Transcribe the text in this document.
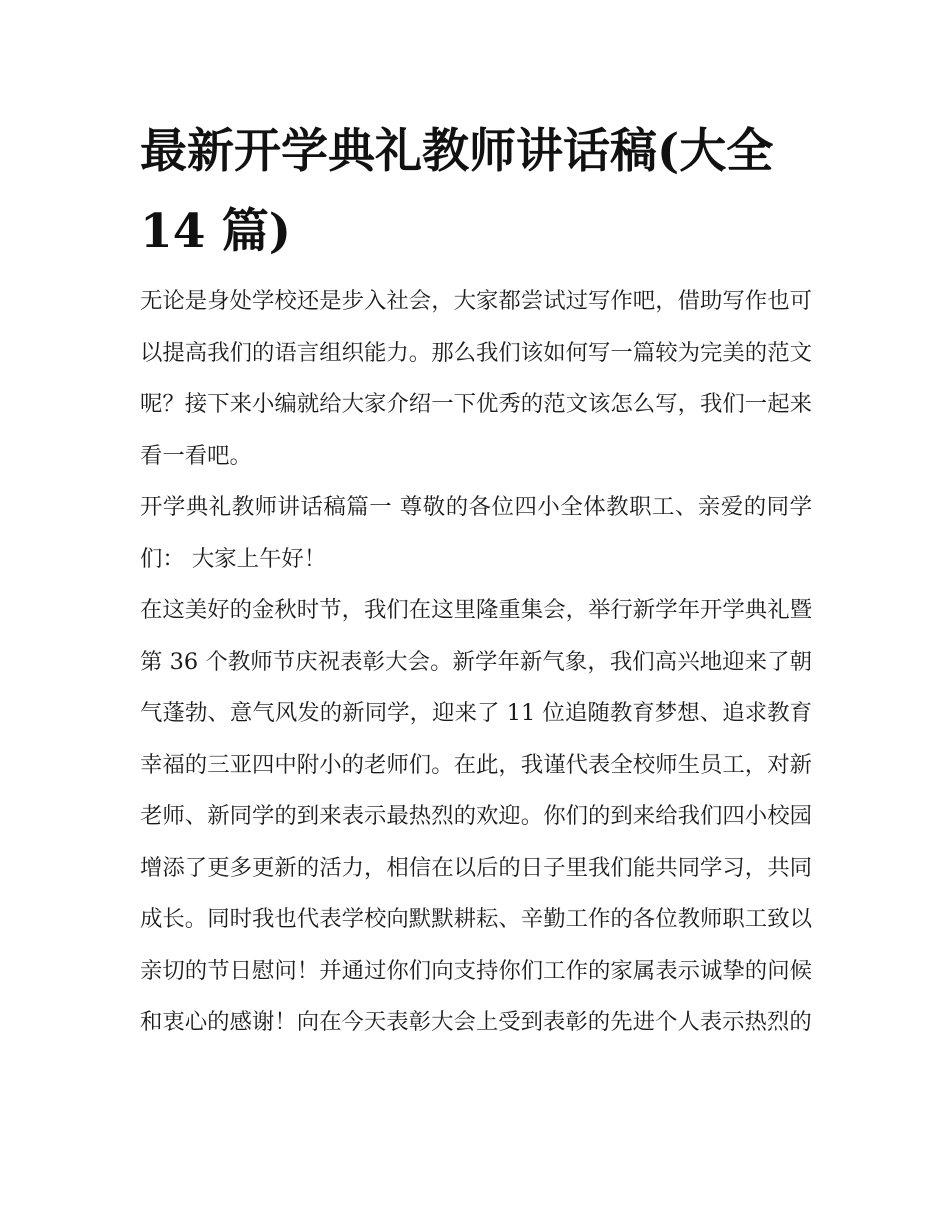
最新开学典礼教师讲话稿(大全 14 篇)

无论是身处学校还是步入社会，大家都尝试过写作吧，借助写作也可以提高我们的语言组织能力。那么我们该如何写一篇较为完美的范文呢？接下来小编就给大家介绍一下优秀的范文该怎么写，我们一起来看一看吧。

开学典礼教师讲话稿篇一 尊敬的各位四小全体教职工、亲爱的同学们： 大家上午好！

在这美好的金秋时节，我们在这里隆重集会，举行新学年开学典礼暨第 36 个教师节庆祝表彰大会。新学年新气象，我们高兴地迎来了朝气蓬勃、意气风发的新同学，迎来了 11 位追随教育梦想、追求教育幸福的三亚四中附小的老师们。在此，我谨代表全校师生员工，对新老师、新同学的到来表示最热烈的欢迎。你们的到来给我们四小校园增添了更多更新的活力，相信在以后的日子里我们能共同学习，共同成长。同时我也代表学校向默默耕耘、辛勤工作的各位教师职工致以亲切的节日慰问！并通过你们向支持你们工作的家属表示诚挚的问候和衷心的感谢！向在今天表彰大会上受到表彰的先进个人表示热烈的
